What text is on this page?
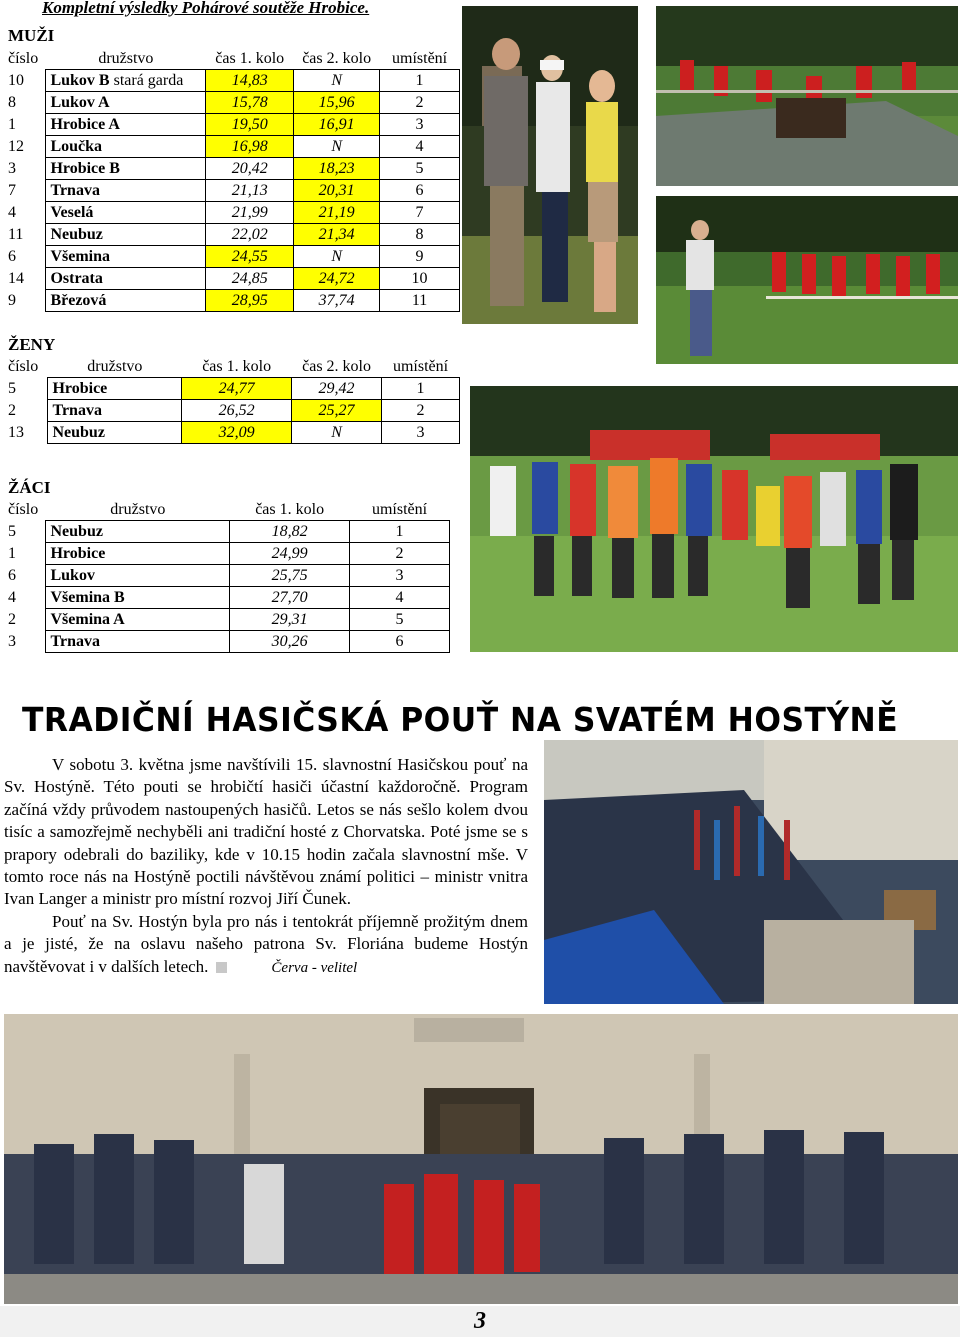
Kompletní výsledky Pohárové soutěže Hrobice.
MUŽI
číslo	družstvo	čas 1. kolo	čas 2. kolo	umístění
10	Lukov B stará garda	14,83	N	1
8	Lukov A	15,78	15,96	2
1	Hrobice A	19,50	16,91	3
12	Loučka	16,98	N	4
3	Hrobice B	20,42	18,23	5
7	Trnava	21,13	20,31	6
4	Veselá	21,99	21,19	7
11	Neubuz	22,02	21,34	8
6	Všemina	24,55	N	9
14	Ostrata	24,85	24,72	10
9	Březová	28,95	37,74	11
ŽENY
číslo	družstvo	čas 1. kolo	čas 2. kolo	umístění
5	Hrobice	24,77	29,42	1
2	Trnava	26,52	25,27	2
13	Neubuz	32,09	N	3
ŽÁCI
číslo	družstvo	čas 1. kolo	umístění
5	Neubuz	18,82	1
1	Hrobice	24,99	2
6	Lukov	25,75	3
4	Všemina B	27,70	4
2	Všemina A	29,31	5
3	Trnava	30,26	6
TRADIČNÍ HASIČSKÁ POUŤ NA SVATÉM HOSTÝNĚ

V sobotu 3. května jsme navštívili 15. slavnostní Hasičskou pouť na Sv. Hostýně. Této pouti se hrobičtí hasiči účastní každoročně. Program začíná vždy průvodem nastoupených hasičů. Letos se nás sešlo kolem dvou tisíc a samozřejmě nechyběli ani tradiční hosté z Chorvatska. Poté jsme se s prapory odebrali do baziliky, kde v 10.15 hodin začala slavnostní mše. V tomto roce nás na Hostýně poctili návštěvou známí politici – ministr vnitra Ivan Langer a ministr pro místní rozvoj Jiří Čunek.

Pouť na Sv. Hostýn byla pro nás i tentokrát příjemně prožitým dnem a je jisté, že na oslavu našeho patrona Sv. Floriána budeme Hostýn navštěvovat i v dalších letech.	Červa - velitel

3
